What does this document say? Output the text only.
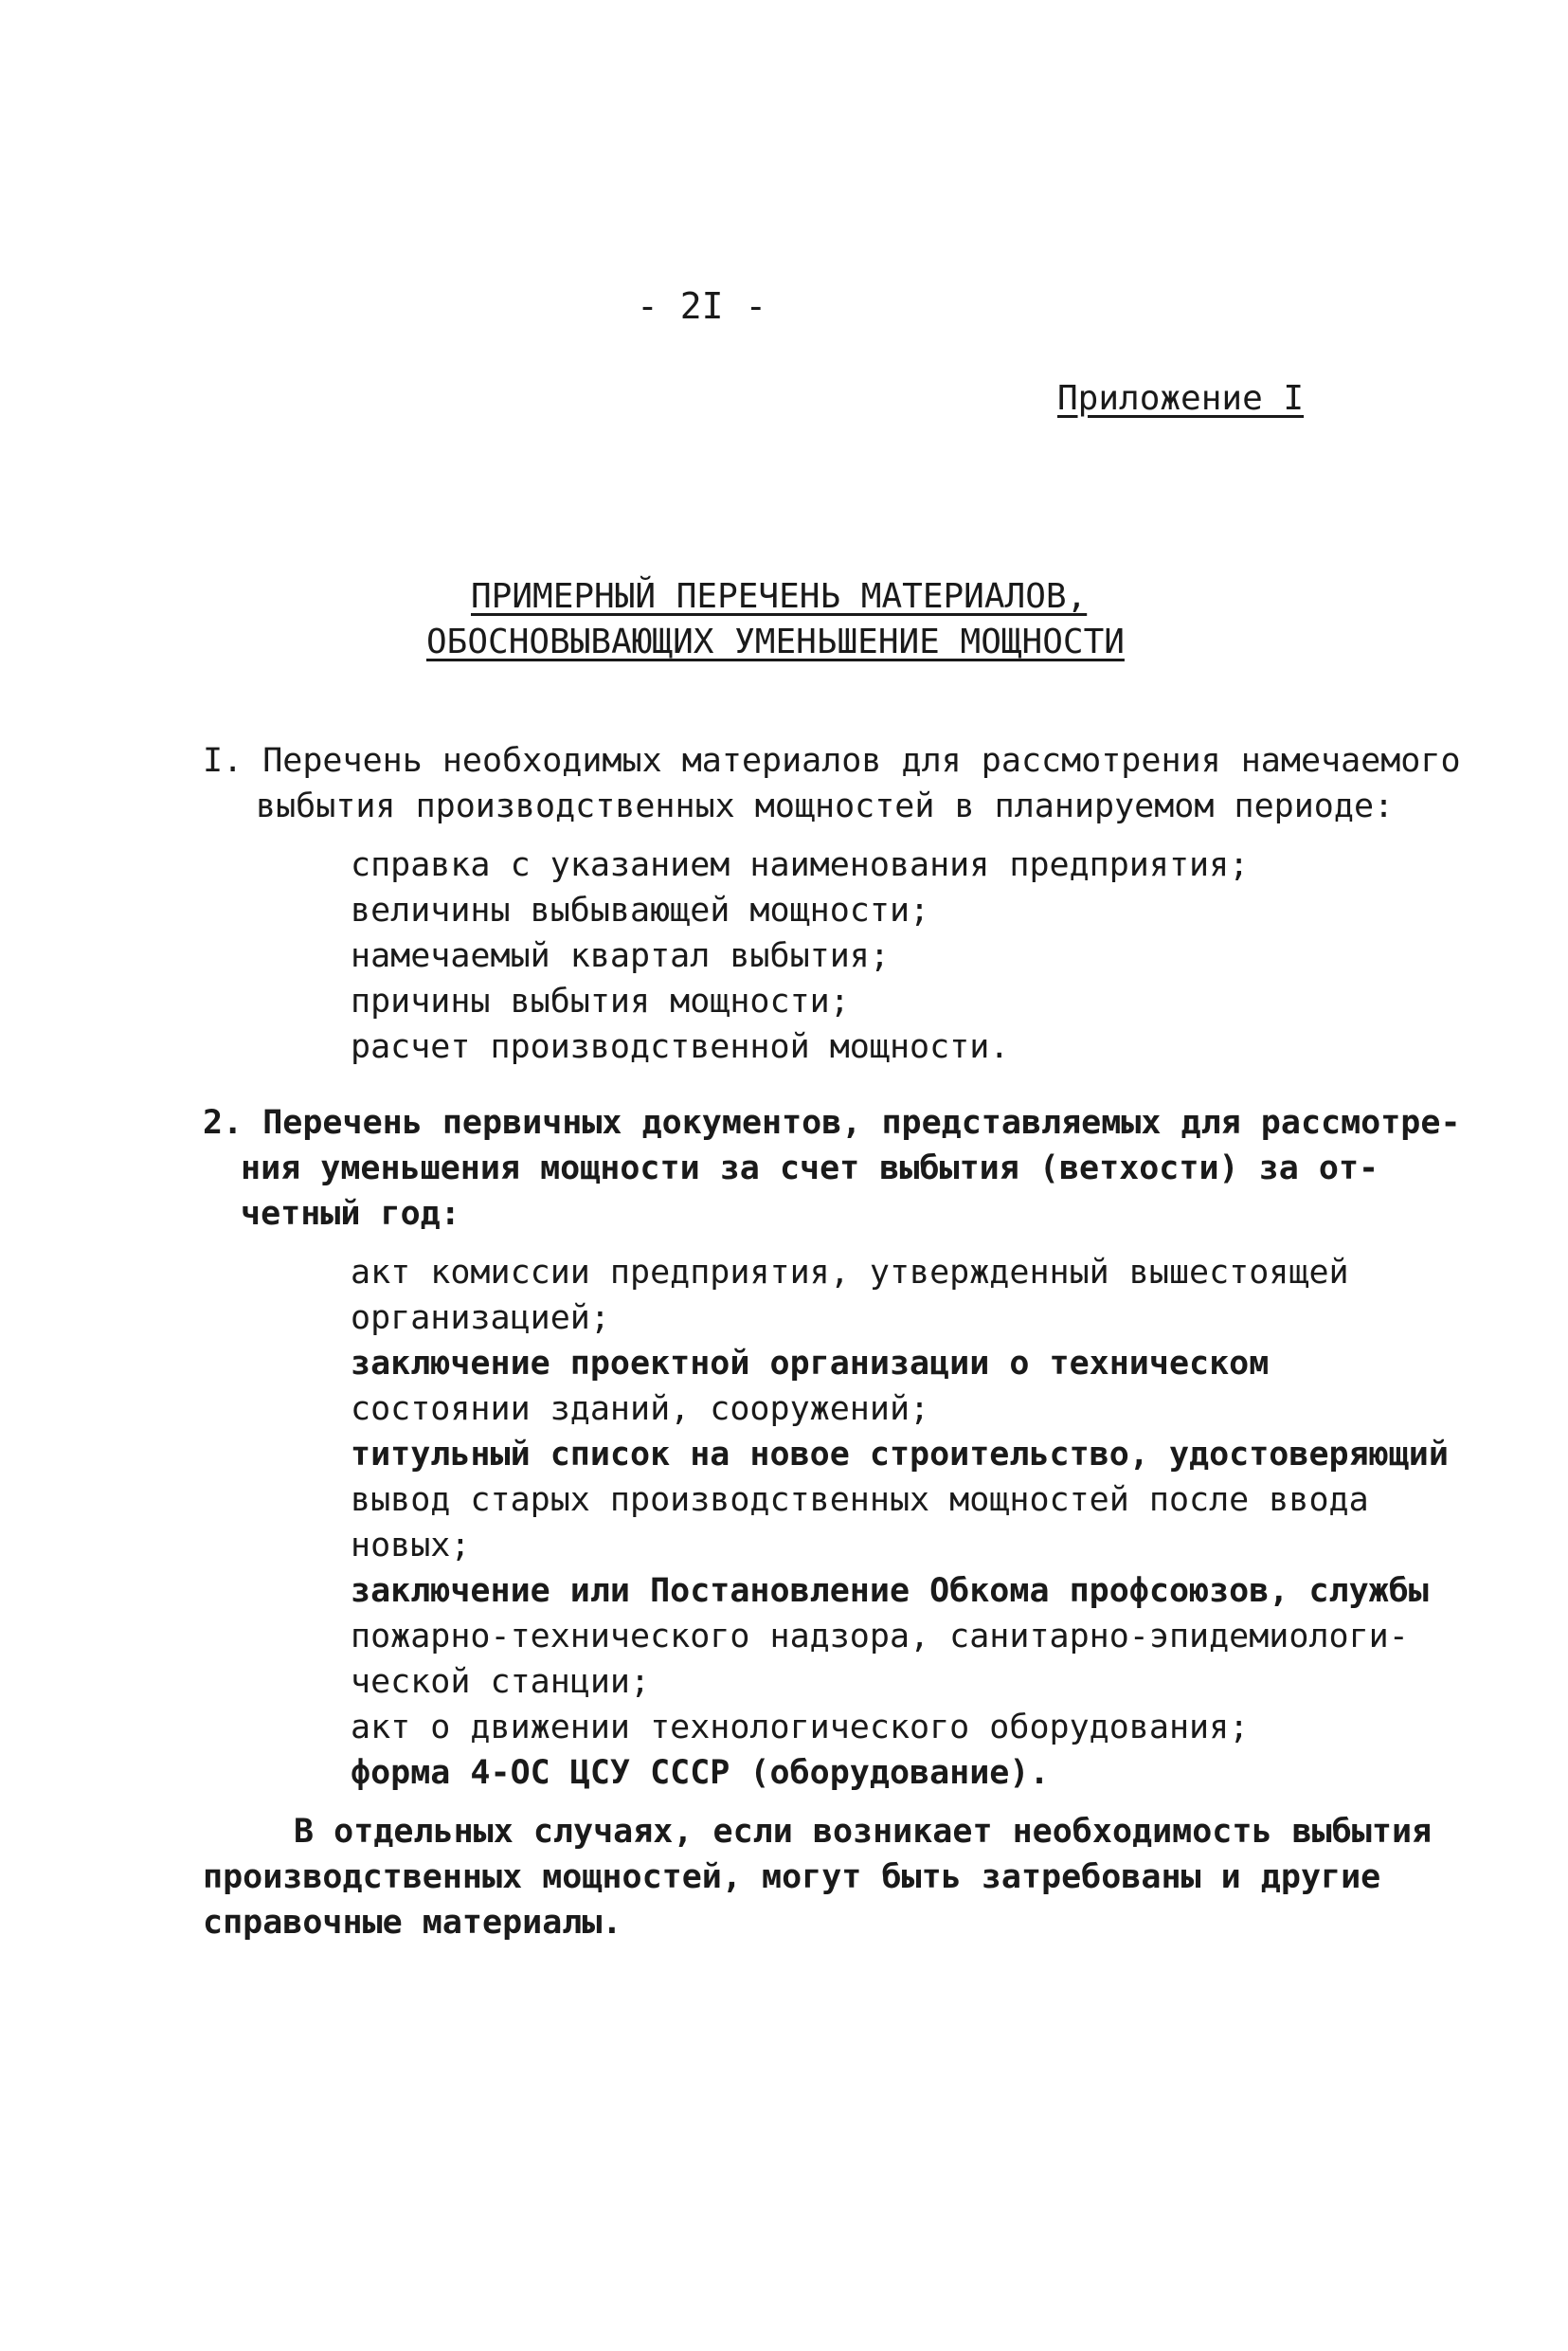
- 2I -
Приложение I
ПРИМЕРНЫЙ ПЕРЕЧЕНЬ МАТЕРИАЛОВ,
ОБОСНОВЫВАЮЩИХ УМЕНЬШЕНИЕ МОЩНОСТИ
I. Перечень необходимых материалов для рассмотрения намечаемого
выбытия производственных мощностей в планируемом периоде:
справка с указанием наименования предприятия;
величины выбывающей мощности;
намечаемый квартал выбытия;
причины выбытия мощности;
расчет производственной мощности.
2. Перечень первичных документов, представляемых для рассмотре-
ния уменьшения мощности за счет выбытия (ветхости) за от-
четный год:
акт комиссии предприятия, утвержденный вышестоящей
организацией;
заключение проектной организации о техническом
состоянии зданий, сооружений;
титульный список на новое строительство, удостоверяющий
вывод старых производственных мощностей после ввода
новых;
заключение или Постановление Обкома профсоюзов, службы
пожарно-технического надзора, санитарно-эпидемиологи-
ческой станции;
акт о движении технологического оборудования;
форма 4-ОС ЦСУ СССР (оборудование).
В отдельных случаях, если возникает необходимость выбытия
производственных мощностей, могут быть затребованы и другие
справочные материалы.
